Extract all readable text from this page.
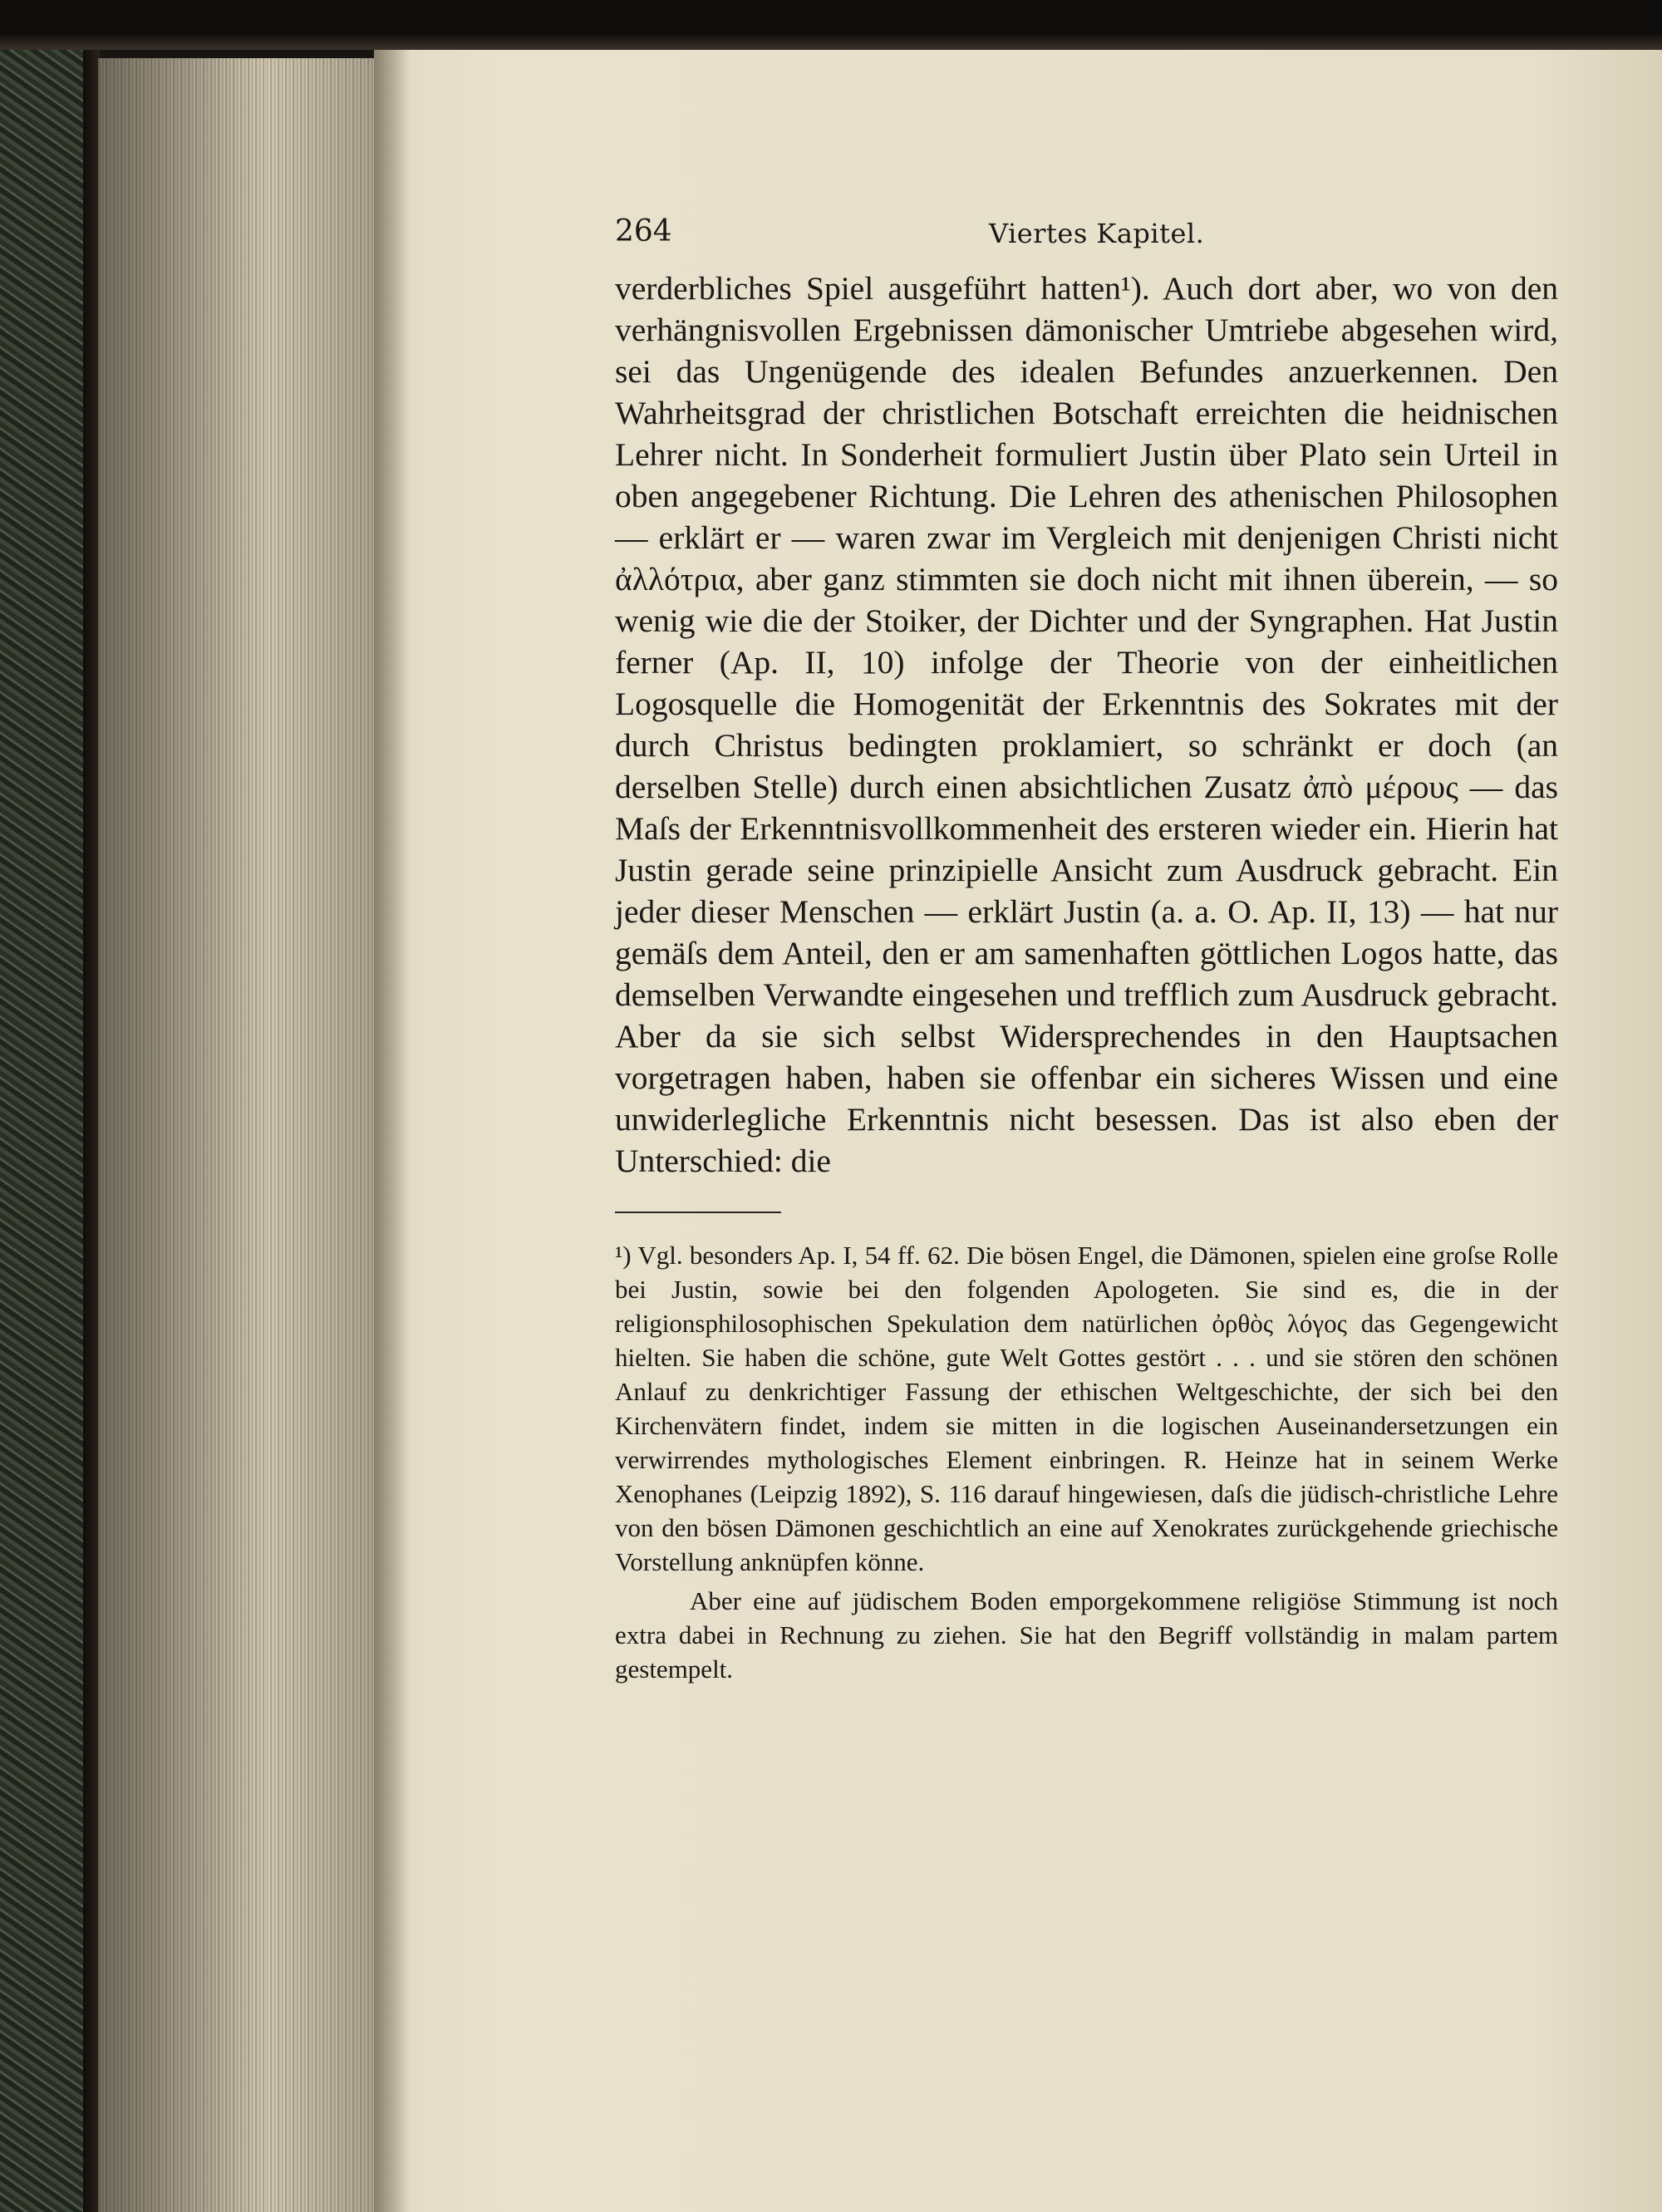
264	Viertes Kapitel.

verderbliches Spiel ausgeführt hatten¹). Auch dort aber, wo von den verhängnisvollen Ergebnissen dämonischer Umtriebe abgesehen wird, sei das Ungenügende des idealen Befundes anzuerkennen. Den Wahrheitsgrad der christlichen Botschaft erreichten die heidnischen Lehrer nicht. In Sonderheit formuliert Justin über Plato sein Urteil in oben angegebener Richtung. Die Lehren des athenischen Philosophen — erklärt er — waren zwar im Vergleich mit denjenigen Christi nicht ἀλλότρια, aber ganz stimmten sie doch nicht mit ihnen überein, — so wenig wie die der Stoiker, der Dichter und der Syngraphen. Hat Justin ferner (Ap. II, 10) infolge der Theorie von der einheitlichen Logosquelle die Homogenität der Erkenntnis des Sokrates mit der durch Christus bedingten proklamiert, so schränkt er doch (an derselben Stelle) durch einen absichtlichen Zusatz ἀπὸ μέρους — das Maſs der Erkenntnisvollkommenheit des ersteren wieder ein. Hierin hat Justin gerade seine prinzipielle Ansicht zum Ausdruck gebracht. Ein jeder dieser Menschen — erklärt Justin (a. a. O. Ap. II, 13) — hat nur gemäſs dem Anteil, den er am samenhaften göttlichen Logos hatte, das demselben Verwandte eingesehen und trefflich zum Ausdruck gebracht. Aber da sie sich selbst Widersprechendes in den Hauptsachen vorgetragen haben, haben sie offenbar ein sicheres Wissen und eine unwiderlegliche Erkenntnis nicht besessen. Das ist also eben der Unterschied: die

¹) Vgl. besonders Ap. I, 54 ff. 62. Die bösen Engel, die Dämonen, spielen eine groſse Rolle bei Justin, sowie bei den folgenden Apologeten. Sie sind es, die in der religionsphilosophischen Spekulation dem natürlichen ὀρθὸς λόγος das Gegengewicht hielten. Sie haben die schöne, gute Welt Gottes gestört . . . und sie stören den schönen Anlauf zu denkrichtiger Fassung der ethischen Weltgeschichte, der sich bei den Kirchenvätern findet, indem sie mitten in die logischen Auseinandersetzungen ein verwirrendes mythologisches Element einbringen. R. Heinze hat in seinem Werke Xenophanes (Leipzig 1892), S. 116 darauf hingewiesen, daſs die jüdisch-christliche Lehre von den bösen Dämonen geschichtlich an eine auf Xenokrates zurückgehende griechische Vorstellung anknüpfen könne.

Aber eine auf jüdischem Boden emporgekommene religiöse Stimmung ist noch extra dabei in Rechnung zu ziehen. Sie hat den Begriff vollständig in malam partem gestempelt.
